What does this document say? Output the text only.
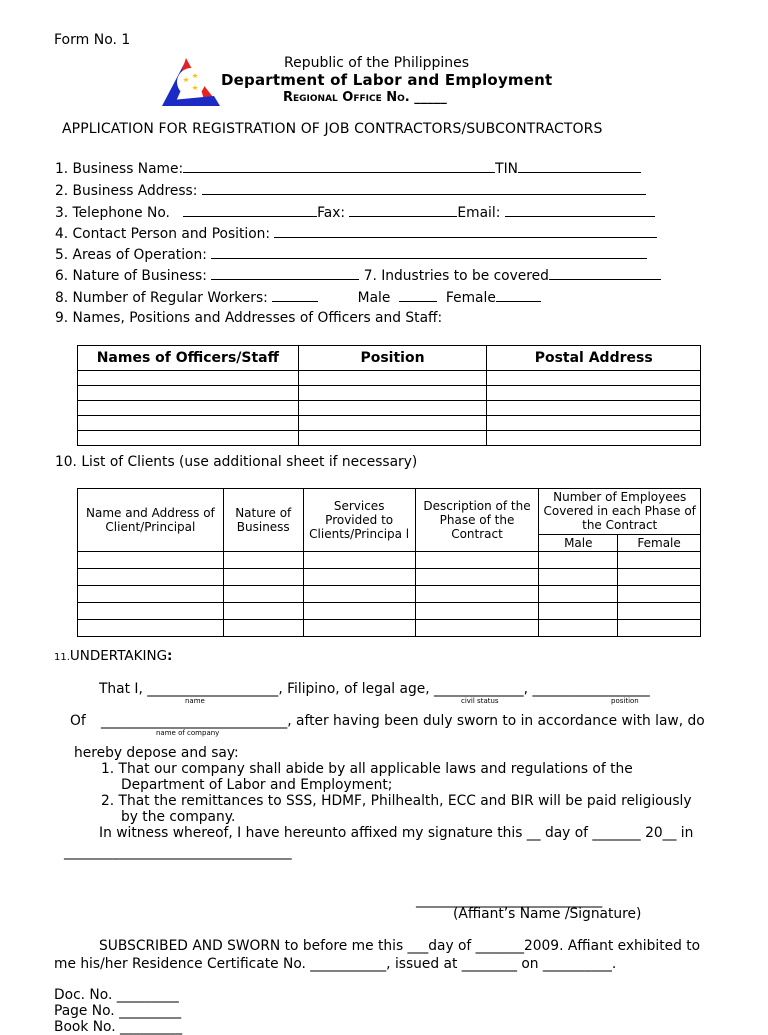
Form No. 1
Republic of the Philippines
Department of Labor and Employment
Regional Office No. _____
APPLICATION FOR REGISTRATION OF JOB CONTRACTORS/SUBCONTRACTORS
1. Business Name:	TIN
2. Business Address:
3. Telephone No.	Fax:	Email:
4. Contact Person and Position:
5. Areas of Operation:
6. Nature of Business:	7. Industries to be covered
8. Number of Regular Workers:	Male	Female
9. Names, Positions and Addresses of Officers and Staff:
Names of Officers/Staff	Position	Postal Address

10. List of Clients (use additional sheet if necessary)
Name and Address of Client/Principal	Nature of Business	Services Provided to Clients/Principa l	Description of the Phase of the Contract	Number of Employees Covered in each Phase of the Contract	
				Male	Female

11.UNDERTAKING:
That I, ___________________, Filipino, of legal age, _____________, _________________
name	civil status	position
Of ___________________________, after having been duly sworn to in accordance with law, do
name of company
hereby depose and say:
1. That our company shall abide by all applicable laws and regulations of the
Department of Labor and Employment;
2. That the remittances to SSS, HDMF, Philhealth, ECC and BIR will be paid religiously
by the company.
In witness whereof, I have hereunto affixed my signature this __ day of _______ 20__ in
_________________________________
___________________________
(Affiant’s Name /Signature)
SUBSCRIBED AND SWORN to before me this ___day of _______2009. Affiant exhibited to
me his/her Residence Certificate No. ___________, issued at ________ on __________.
Doc. No. _________
Page No. _________
Book No. _________
